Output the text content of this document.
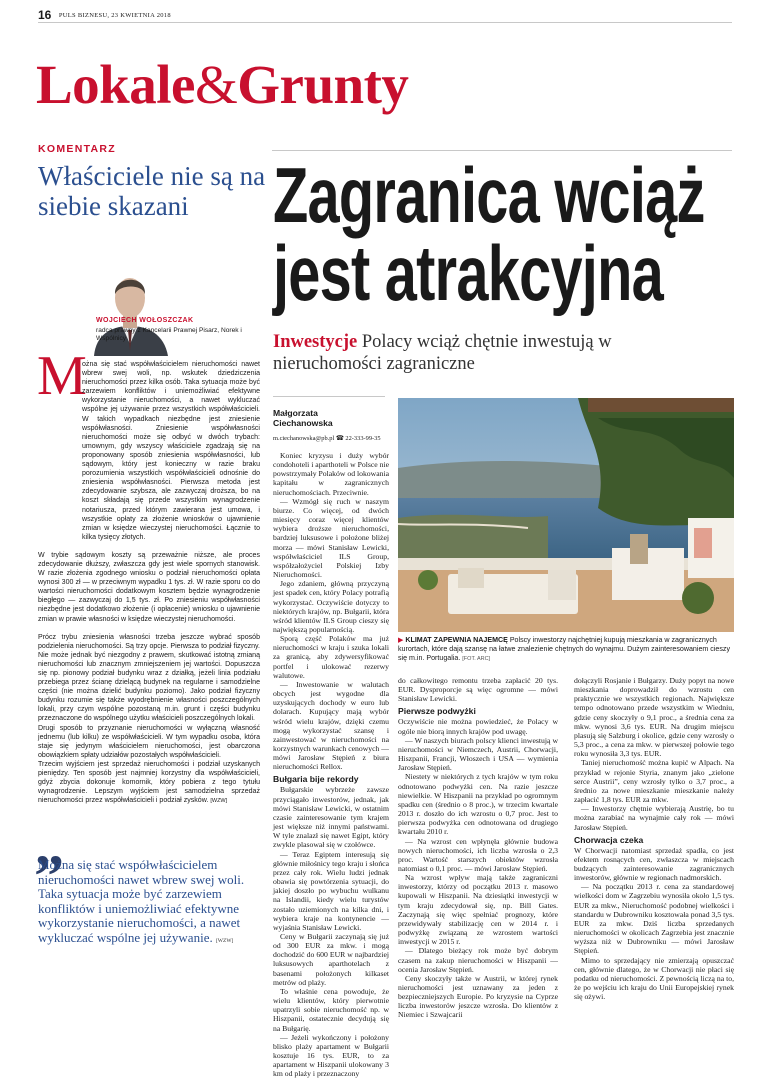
16 PULS BIZNESU, 23 KWIETNIA 2018
Lokale&Grunty
KOMENTARZ
Właściciele nie są na siebie skazani
WOJCIECH WOŁOSZCZAK
radca prawny z Kancelarii Prawnej Pisarz, Norek i Wspólnicy
M

ożna się stać współwłaścicielem nieruchomości nawet wbrew swej woli, np. wskutek dziedziczenia nieruchomości przez kilka osób. Taka sytuacja może być zarzewiem konfliktów i uniemożliwiać efektywne wykorzystanie nieruchomości, a nawet wykluczać wspólne jej używanie przez wszystkich współwłaścicieli. W takich wypadkach niezbędne jest zniesienie współwłasności. Zniesienie współwłasności nieruchomości może się odbyć w dwóch trybach: umownym, gdy wszyscy właściciele zgadzają się na proponowany sposób zniesienia współwłasności, lub sądowym, który jest konieczny w razie braku porozumienia wszystkich współwłaścicieli odnośnie do zniesienia współwłasności. Pierwsza metoda jest zdecydowanie szybsza, ale zazwyczaj droższa, bo na koszt składają się przede wszystkim wynagrodzenie notariusza, przed którym zawierana jest umowa, i wszystkie opłaty za złożenie wniosków o ujawnienie zmian w księdze wieczystej nieruchomości. Łącznie to kilka tysięcy złotych.

W trybie sądowym koszty są przeważnie niższe, ale proces zdecydowanie dłuższy, zwłaszcza gdy jest wiele spornych stanowisk. W razie złożenia zgodnego wniosku o podział nieruchomości opłata wynosi 300 zł — w przeciwnym wypadku 1 tys. zł. W razie sporu co do wartości nieruchomości dodatkowym kosztem będzie wynagrodzenie biegłego — zazwyczaj do 1,5 tys. zł. Po zniesieniu współwłasności niezbędne jest dodatkowo złożenie (i opłacenie) wniosku o ujawnienie zmian w prawie własności w księdze wieczystej nieruchomości.

Prócz trybu zniesienia własności trzeba jeszcze wybrać sposób podzielenia nieruchomości. Są trzy opcje. Pierwsza to podział fizyczny. Nie może jednak być niezgodny z prawem, skutkować istotną zmianą nieruchomości lub znacznym zmniejszeniem jej wartości. Dopuszcza się np. pionowy podział budynku wraz z działką, jeżeli linia podziału przebiega przez ścianę dzielącą budynek na regularne i samodzielne części (nie można dzielić budynku poziomo). Jako podział fizyczny budynku rozumie się także wyodrębnienie własności poszczególnych lokali, przy czym wspólne pozostaną m.in. grunt i części budynku przeznaczone do wspólnego użytku właścicieli poszczególnych lokali.

Drugi sposób to przyznanie nieruchomości w wyłączną własność jednemu (lub kilku) ze współwłaścicieli. W tym wypadku osoba, która staje się jedynym właścicielem nieruchomości, jest obarczona obowiązkiem spłaty udziałów pozostałych współwłaścicieli.

Trzecim wyjściem jest sprzedaż nieruchomości i podział uzyskanych pieniędzy. Ten sposób jest najmniej korzystny dla współwłaścicieli, gdyż zbycia dokonuje komornik, który pobiera z tego tytułu wynagrodzenie. Lepszym wyjściem jest samodzielna sprzedaż nieruchomości przez współwłaścicieli i podział zysków. [WZW]

”
Można się stać współwłaścicielem nieruchomości nawet wbrew swej woli. Taka sytuacja może być zarzewiem konfliktów i uniemożliwiać efektywne wykorzystanie nieruchomości, a nawet wykluczać wspólne jej używanie. [WZW]
Zagranica wciąż
jest atrakcyjna
Inwestycje Polacy wciąż chętnie inwestują w nieruchomości zagraniczne
Małgorzata
Ciechanowska
m.ciechanowska@pb.pl ☎ 22-333-99-35
▶ KLIMAT ZAPEWNIA NAJEMCĘ Polscy inwestorzy najchętniej kupują mieszkania w zagranicznych kurortach, które dają szansę na łatwe znalezienie chętnych do wynajmu. Dużym zainteresowaniem cieszy się m.in. Portugalia. [FOT. ARC]

Koniec kryzysu i duży wybór condohoteli i aparthoteli w Polsce nie powstrzymały Polaków od lokowania kapitału w zagranicznych nieruchomościach. Przeciwnie.

— Wzmógł się ruch w naszym biurze. Co więcej, od dwóch miesięcy coraz więcej klientów wybiera droższe nieruchomości, bardziej luksusowe i położone bliżej morza — mówi Stanisław Lewicki, współwłaściciel ILS Group, współzałożyciel Polskiej Izby Nieruchomości.

Jego zdaniem, główną przyczyną jest spadek cen, który Polacy potrafią wykorzystać. Oczywiście dotyczy to niektórych krajów, np. Bułgarii, która wśród klientów ILS Group cieszy się największą popularnością.

Sporą część Polaków ma już nieruchomości w kraju i szuka lokali za granicą, aby zdywersyfikować portfel i ulokować rezerwy walutowe.

— Inwestowanie w walutach obcych jest wygodne dla uzyskujących dochody w euro lub dolarach. Kupujący mają wybór wśród wielu krajów, dzięki czemu mogą wykorzystać szansę i zainwestować w nieruchomości na korzystnych warunkach cenowych — mówi Jarosław Stępień z biura nieruchomości Rellox.

Bułgaria bije rekordy

Bułgarskie wybrzeże zawsze przyciągało inwestorów, jednak, jak mówi Stanisław Lewicki, w ostatnim czasie zainteresowanie tym krajem jest większe niż innymi państwami. W tyle znalazł się nawet Egipt, który zwykle plasował się w czołówce.

— Teraz Egiptem interesują się głównie miłośnicy tego kraju i słońca przez cały rok. Wielu ludzi jednak obawia się powtórzenia sytuacji, do jakiej doszło po wybuchu wulkanu na Islandii, kiedy wielu turystów zostało uziemionych na kilka dni, i wybiera kraje na kontynencie — wyjaśnia Stanisław Lewicki.

Ceny w Bułgarii zaczynają się już od 300 EUR za mkw. i mogą dochodzić do 600 EUR w najbardziej luksusowych aparthotelach z basenami położonych kilkaset metrów od plaży.

To właśnie cena powoduje, że wielu klientów, który pierwotnie upatrzyli sobie nieruchomość np. w Hiszpanii, ostatecznie decydują się na Bułgarię.

— Jeżeli wykończony i położony blisko plaży apartament w Bułgarii kosztuje 16 tys. EUR, to za apartament w Hiszpanii ulokowany 3 km od plaży i przeznaczony

do całkowitego remontu trzeba zapłacić 20 tys. EUR. Dysproporcje są więc ogromne — mówi Stanisław Lewicki.

Pierwsze podwyżki

Oczywiście nie można powiedzieć, że Polacy w ogóle nie biorą innych krajów pod uwagę.

— W naszych biurach polscy klienci inwestują w nieruchomości w Niemczech, Austrii, Chorwacji, Hiszpanii, Francji, Włoszech i USA — wymienia Jarosław Stępień.

Niestety w niektórych z tych krajów w tym roku odnotowano podwyżki cen. Na razie jeszcze niewielkie. W Hiszpanii na przykład po ogromnym spadku cen (średnio o 8 proc.), w trzecim kwartale 2013 r. doszło do ich wzrostu o 0,7 proc. Jest to pierwsza podwyżka cen odnotowana od drugiego kwartału 2010 r.

— Na wzrost cen wpłynęła głównie budowa nowych nieruchomości, ich liczba wzrosła o 2,3 proc. Wartość starszych obiektów wzrosła natomiast o 0,1 proc. — mówi Jarosław Stępień.

Na wzrost wpływ mają także zagraniczni inwestorzy, którzy od początku 2013 r. masowo kupowali w Hiszpanii. Na dziesiątki inwestycji w tym kraju zdecydował się, np. Bill Gates. Zaczynają się więc spełniać prognozy, które przewidywały stabilizację cen w 2014 r. i podwyżkę związaną ze wzrostem wartości inwestycji w 2015 r.

— Dlatego bieżący rok może być dobrym czasem na zakup nieruchomości w Hiszpanii — ocenia Jarosław Stępień.

Ceny skoczyły także w Austrii, w której rynek nieruchomości jest uznawany za jeden z bezpieczniejszych Europie. Po kryzysie na Cyprze liczba inwestorów jeszcze wzrosła. Do klientów z Niemiec i Szwajcarii

dołączyli Rosjanie i Bułgarzy. Duży popyt na nowe mieszkania doprowadził do wzrostu cen praktycznie we wszystkich regionach. Największe tempo odnotowano przede wszystkim w Wiedniu, gdzie ceny skoczyły o 9,1 proc., a średnia cena za mkw. wynosi 3,6 tys. EUR. Na drugim miejscu plasują się Salzburg i okolice, gdzie ceny wzrosły o 5,3 proc., a cena za mkw. w pierwszej połowie tego roku wynosiła 3,3 tys. EUR.

Taniej nieruchomość można kupić w Alpach. Na przykład w rejonie Styria, znanym jako „zielone serce Austrii”, ceny wzrosły tylko o 3,7 proc., a średnio za nowe mieszkanie mieszkanie należy zapłacić 1,8 tys. EUR za mkw.

— Inwestorzy chętnie wybierają Austrię, bo tu można zarabiać na wynajmie cały rok — mówi Jarosław Stępień.

Chorwacja czeka

W Chorwacji natomiast sprzedaż spadła, co jest efektem rosnących cen, zwłaszcza w miejscach budzących zainteresowanie zagranicznych inwestorów, głównie w regionach nadmorskich.

— Na początku 2013 r. cena za standardowej wielkości dom w Zagrzebiu wynosiła około 1,5 tys. EUR za mkw., Nieruchomość podobnej wielkości i standardu w Dubrowniku kosztowała ponad 3,5 tys. EUR za mkw. Dziś liczba sprzedanych nieruchomości w okolicach Zagrzebia jest znacznie wyższa niż w Dubrowniku — mówi Jarosław Stępień.

Mimo to sprzedający nie zmierzają opuszczać cen, głównie dlatego, że w Chorwacji nie płaci się podatku od nieruchomości. Z pewnością liczą na to, że po wejściu ich kraju do Unii Europejskiej rynek się ożywi.
